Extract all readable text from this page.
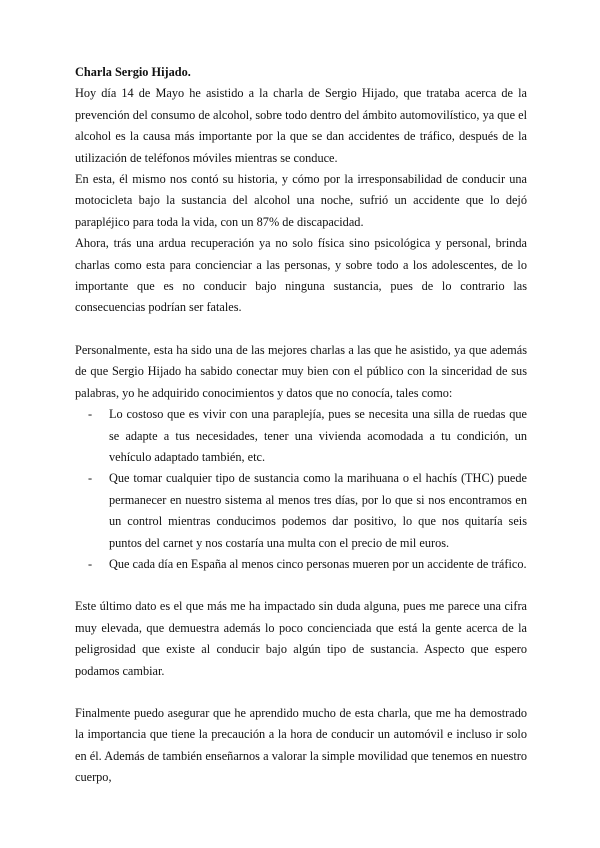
Charla Sergio Hijado.

Hoy día 14 de Mayo he asistido a la charla de Sergio Hijado, que trataba acerca de la prevención del consumo de alcohol, sobre todo dentro del ámbito automovilístico, ya que el alcohol es la causa más importante por la que se dan accidentes de tráfico, después de la utilización de teléfonos móviles mientras se conduce.

En esta, él mismo nos contó su historia, y cómo por la irresponsabilidad de conducir una motocicleta bajo la sustancia del alcohol una noche, sufrió un accidente que lo dejó parapléjico para toda la vida, con un 87% de discapacidad.

Ahora, trás una ardua recuperación ya no solo física sino psicológica y personal, brinda charlas como esta para concienciar a las personas, y sobre todo a los adolescentes, de lo importante que es no conducir bajo ninguna sustancia, pues de lo contrario las consecuencias podrían ser fatales.

Personalmente, esta ha sido una de las mejores charlas a las que he asistido, ya que además de que Sergio Hijado ha sabido conectar muy bien con el público con la sinceridad de sus palabras, yo he adquirido conocimientos y datos que no conocía, tales como:

- Lo costoso que es vivir con una paraplejía, pues se necesita una silla de ruedas que se adapte a tus necesidades, tener una vivienda acomodada a tu condición, un vehículo adaptado también, etc.
- Que tomar cualquier tipo de sustancia como la marihuana o el hachís (THC) puede permanecer en nuestro sistema al menos tres días, por lo que si nos encontramos en un control mientras conducimos podemos dar positivo, lo que nos quitaría seis puntos del carnet y nos costaría una multa con el precio de mil euros.
- Que cada día en España al menos cinco personas mueren por un accidente de tráfico.

Este último dato es el que más me ha impactado sin duda alguna, pues me parece una cifra muy elevada, que demuestra además lo poco concienciada que está la gente acerca de la peligrosidad que existe al conducir bajo algún tipo de sustancia. Aspecto que espero podamos cambiar.

Finalmente puedo asegurar que he aprendido mucho de esta charla, que me ha demostrado la importancia que tiene la precaución a la hora de conducir un automóvil e incluso ir solo en él. Además de también enseñarnos a valorar la simple movilidad que tenemos en nuestro cuerpo,
